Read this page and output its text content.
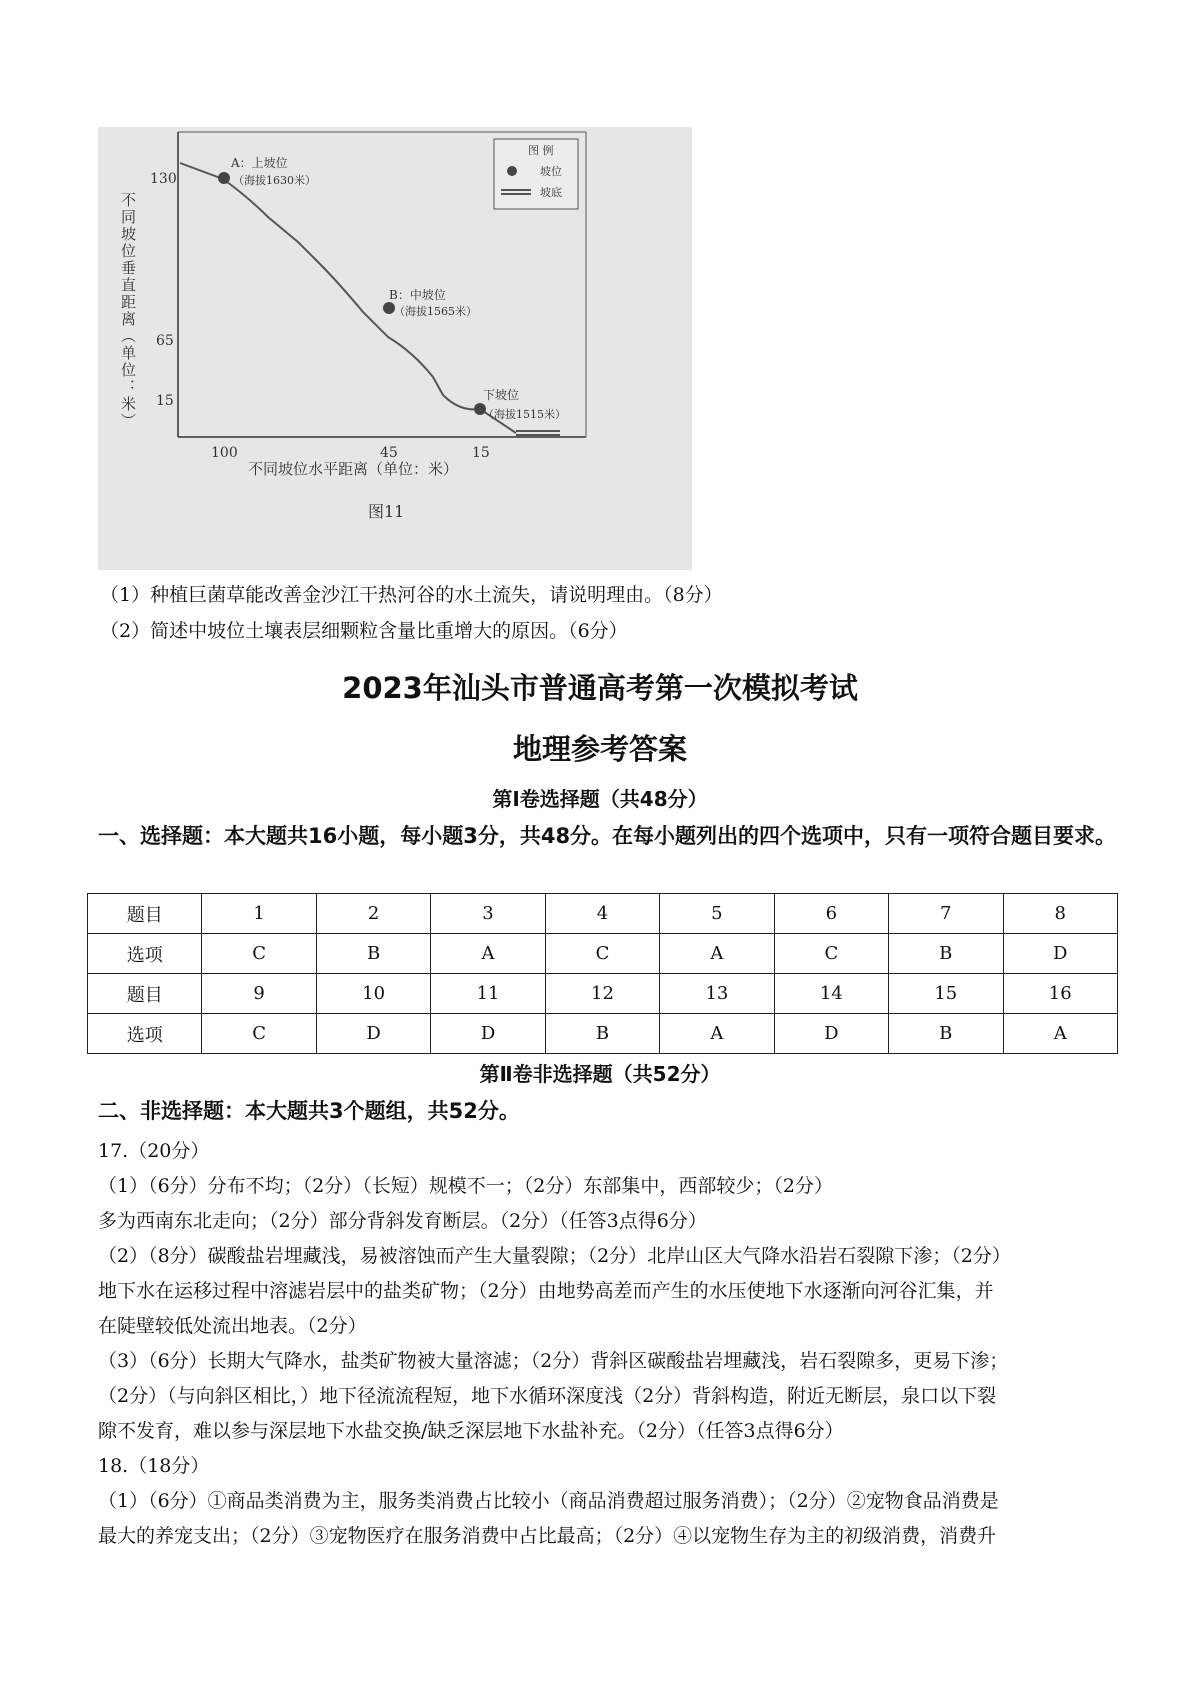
不同坡位垂直距离（单位：米）
130
65
15
100	45	15
不同坡位水平距离（单位：米）
A：上坡位
（海拔1630米）
B：中坡位
（海拔1565米）
下坡位
（海拔1515米）
图 例
坡位
坡底
图11
（1）种植巨菌草能改善金沙江干热河谷的水土流失，请说明理由。（8分）
（2）简述中坡位土壤表层细颗粒含量比重增大的原因。（6分）
2023年汕头市普通高考第一次模拟考试
地理参考答案
第Ⅰ卷选择题（共48分）
一、选择题：本大题共16小题，每小题3分，共48分。在每小题列出的四个选项中，只有一项符合题目要求。
题目	1	2	3	4	5	6	7	8
选项	C	B	A	C	A	C	B	D
题目	9	10	11	12	13	14	15	16
选项	C	D	D	B	A	D	B	A
第Ⅱ卷非选择题（共52分）
二、非选择题：本大题共3个题组，共52分。

17.（20分）

（1）（6分）分布不均；（2分）（长短）规模不一；（2分）东部集中，西部较少；（2分）

多为西南东北走向；（2分）部分背斜发育断层。（2分）（任答3点得6分）

（2）（8分）碳酸盐岩埋藏浅，易被溶蚀而产生大量裂隙；（2分）北岸山区大气降水沿岩石裂隙下渗；（2分）

地下水在运移过程中溶滤岩层中的盐类矿物；（2分）由地势高差而产生的水压使地下水逐渐向河谷汇集，并

在陡壁较低处流出地表。（2分）

（3）（6分）长期大气降水，盐类矿物被大量溶滤；（2分）背斜区碳酸盐岩埋藏浅，岩石裂隙多，更易下渗；

（2分）（与向斜区相比，）地下径流流程短，地下水循环深度浅（2分）背斜构造，附近无断层，泉口以下裂

隙不发育，难以参与深层地下水盐交换/缺乏深层地下水盐补充。（2分）（任答3点得6分）

18.（18分）

（1）（6分）①商品类消费为主，服务类消费占比较小（商品消费超过服务消费）；（2分）②宠物食品消费是

最大的养宠支出；（2分）③宠物医疗在服务消费中占比最高；（2分）④以宠物生存为主的初级消费，消费升
